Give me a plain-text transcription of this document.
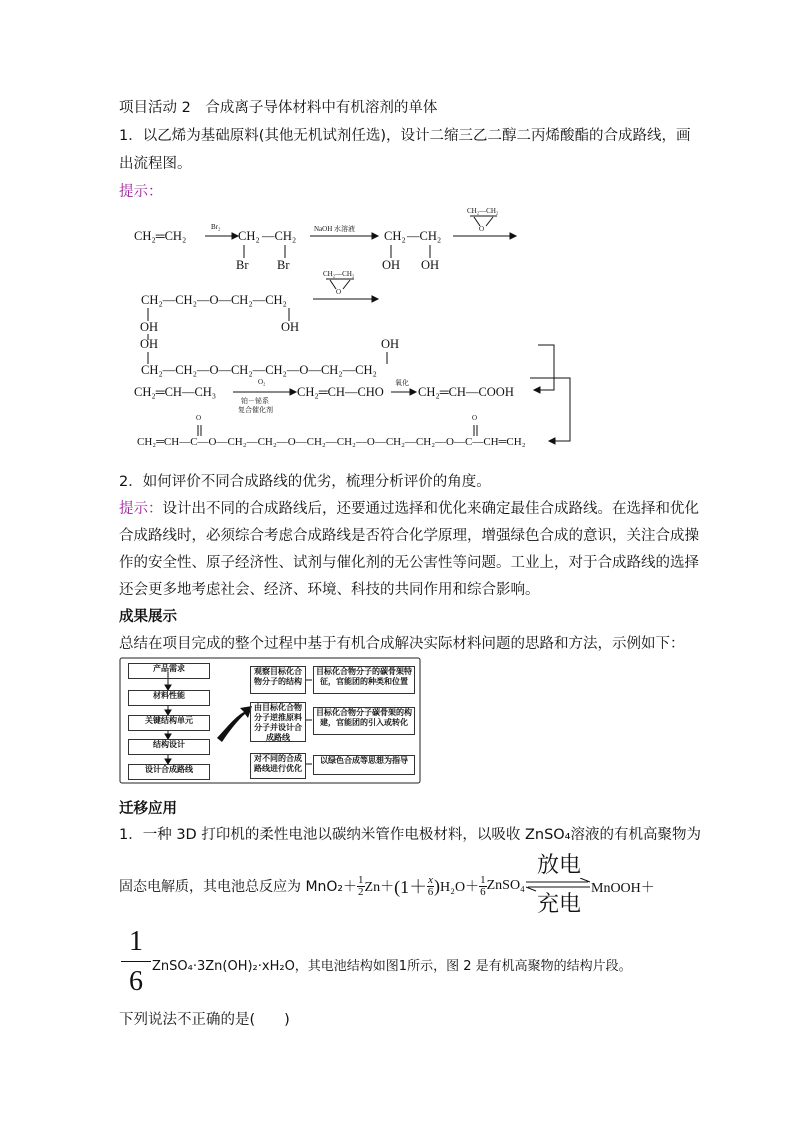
项目活动 2　合成离子导体材料中有机溶剂的单体
1．以乙烯为基础原料(其他无机试剂任选)，设计二缩三乙二醇二丙烯酸酯的合成路线，画
出流程图。
提示：
CH₂═CH₂
Br₂
CH₂ —CH₂
Br Br
NaOH 水溶液 CH₂ —CH₂
OH OH
CH₂—CH₂
O
CH₂—CH₂—O—CH₂—CH₂
OH	OH
CH₂—CH₂
O
OH
CH₂—CH₂—O—CH₂—CH₂—O—CH₂—CH₂
OH
CH₂═CH—CH₃
O₂
铂－铋系
复合催化剂
CH₂═CH—CHO
氧化
CH₂═CH—COOH
O	O
CH₂═CH—C—O—CH₂—CH₂—O—CH₂—CH₂—O—CH₂—CH₂—O—C—CH═CH₂
2．如何评价不同合成路线的优劣，梳理分析评价的角度。
提示：设计出不同的合成路线后，还要通过选择和优化来确定最佳合成路线。在选择和优化
合成路线时，必须综合考虑合成路线是否符合化学原理，增强绿色合成的意识，关注合成操
作的安全性、原子经济性、试剂与催化剂的无公害性等问题。工业上，对于合成路线的选择
还会更多地考虑社会、经济、环境、科技的共同作用和综合影响。
成果展示
总结在项目完成的整个过程中基于有机合成解决实际材料问题的思路和方法，示例如下：
产品需求
材料性能
关键结构单元
结构设计
设计合成路线
观察目标化合物分子的结构
由目标化合物分子逆推原料分子并设计合成路线
对不同的合成路线进行优化
目标化合物分子的碳骨架特征，官能团的种类和位置
目标化合物分子碳骨架的构建，官能团的引入或转化
以绿色合成等思想为指导
迁移应用
1．一种 3D 打印机的柔性电池以碳纳米管作电极材料，以吸收 ZnSO₄溶液的有机高聚物为
固态电解质，其电池总反应为 $MnO_2+ \frac{1}{2} Zn+ (1+ \frac{x}{6}$ ) $H_2O+ \frac{1}{6}$ ZnSO₄
放电
充电
MnOOH＋
1
6 ZnSO₄·3Zn(OH)₂·xH₂O，其电池结构如图1所示，图 2 是有机高聚物的结构片段。
下列说法不正确的是(　　)
